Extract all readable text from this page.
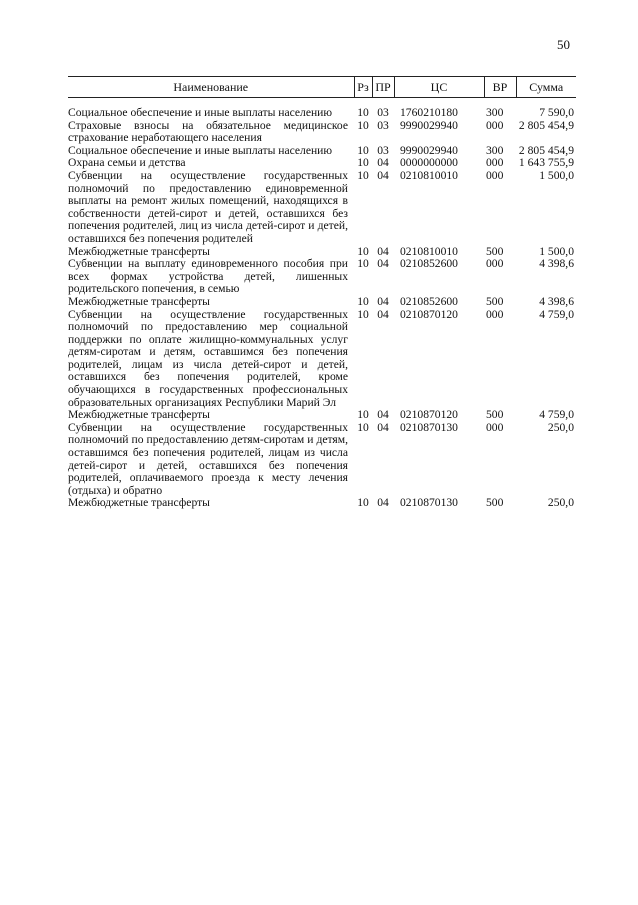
50
Наименование	Рз	ПР	ЦС	ВР	Сумма
Социальное обеспечение и иные выплаты населению	10	03	1760210180	300	7 590,0
Страховые взносы на обязательное медицинское страхование неработающего населения	10	03	9990029940	000	2 805 454,9
Социальное обеспечение и иные выплаты населению	10	03	9990029940	300	2 805 454,9
Охрана семьи и детства	10	04	0000000000	000	1 643 755,9
Субвенции на осуществление государственных полномочий по предоставлению единовременной выплаты на ремонт жилых помещений, находящихся в собственности детей-сирот и детей, оставшихся без попечения родителей, лиц из числа детей-сирот и детей, оставшихся без попечения родителей	10	04	0210810010	000	1 500,0
Межбюджетные трансферты	10	04	0210810010	500	1 500,0
Субвенции на выплату единовременного пособия при всех формах устройства детей, лишенных родительского попечения, в семью	10	04	0210852600	000	4 398,6
Межбюджетные трансферты	10	04	0210852600	500	4 398,6
Субвенции на осуществление государственных полномочий по предоставлению мер социальной поддержки по оплате жилищно-коммунальных услуг детям-сиротам и детям, оставшимся без попечения родителей, лицам из числа детей-сирот и детей, оставшихся без попечения родителей, кроме обучающихся в государственных профессиональных образовательных организациях Республики Марий Эл	10	04	0210870120	000	4 759,0
Межбюджетные трансферты	10	04	0210870120	500	4 759,0
Субвенции на осуществление государственных полномочий по предоставлению детям-сиротам и детям, оставшимся без попечения родителей, лицам из числа детей-сирот и детей, оставшихся без попечения родителей, оплачиваемого проезда к месту лечения (отдыха) и обратно	10	04	0210870130	000	250,0
Межбюджетные трансферты	10	04	0210870130	500	250,0
